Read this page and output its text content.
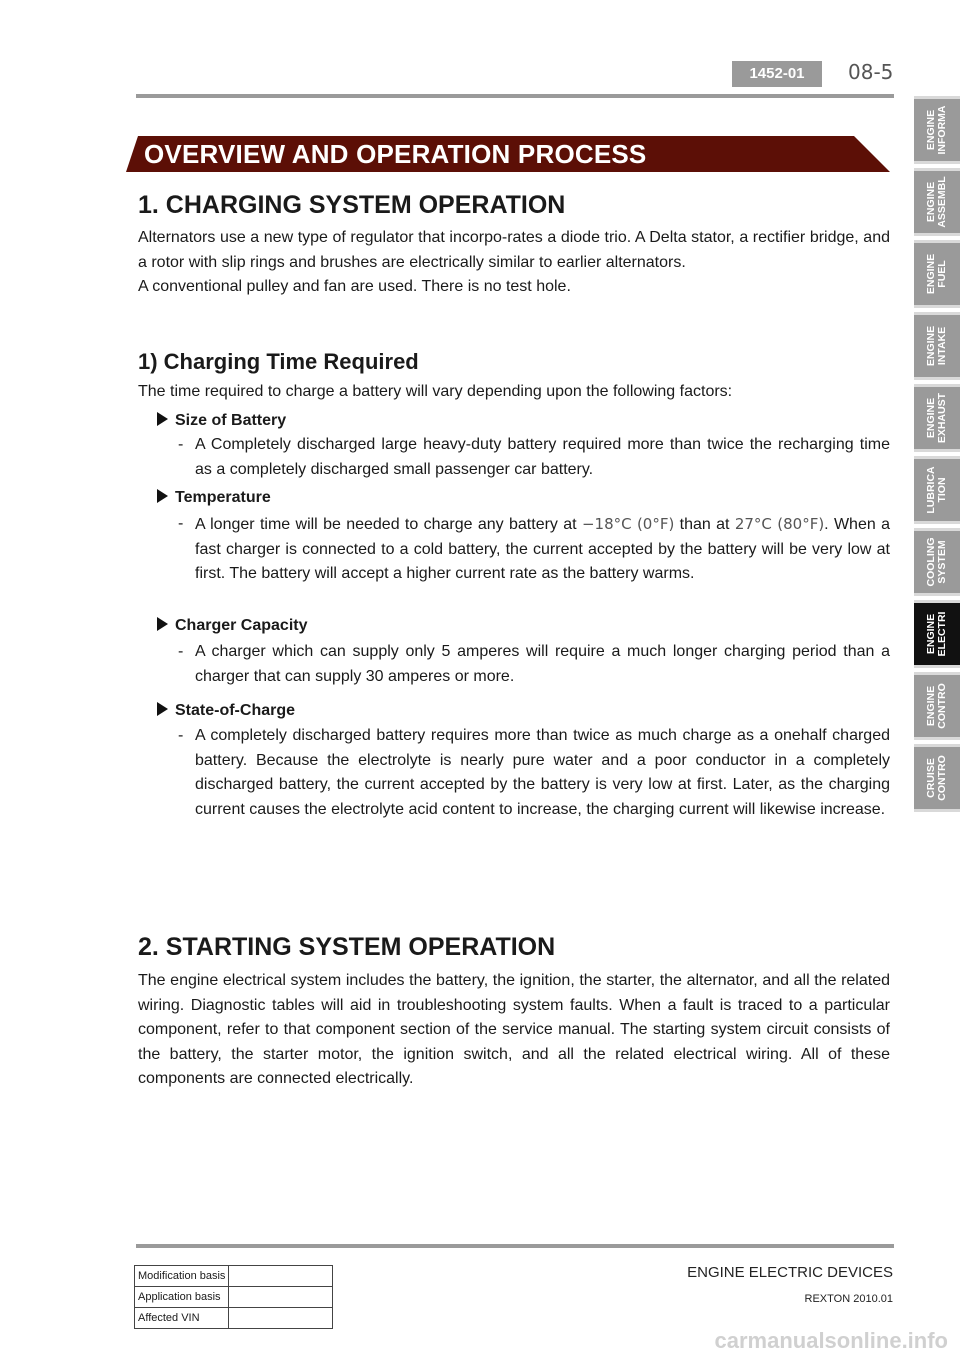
1452-01	08-5
OVERVIEW AND OPERATION PROCESS
1. CHARGING SYSTEM OPERATION
Alternators use a new type of regulator that incorpo-rates a diode trio. A Delta stator, a rectifier bridge, and a rotor with slip rings and brushes are electrically similar to earlier alternators.
A conventional pulley and fan are used. There is no test hole.
1) Charging Time Required
The time required to charge a battery will vary depending upon the following factors:
Size of Battery
- A Completely discharged large heavy-duty battery required more than twice the recharging time as a completely discharged small passenger car battery.
Temperature
- A longer time will be needed to charge any battery at −18°C (0°F) than at 27°C (80°F). When a fast charger is connected to a cold battery, the current accepted by the battery will be very low at first. The battery will accept a higher current rate as the battery warms.
Charger Capacity
- A charger which can supply only 5 amperes will require a much longer charging period than a charger that can supply 30 amperes or more.
State-of-Charge
- A completely discharged battery requires more than twice as much charge as a onehalf charged battery. Because the electrolyte is nearly pure water and a poor conductor in a completely discharged battery, the current accepted by the battery is very low at first. Later, as the charging current causes the electrolyte acid content to increase, the charging current will likewise increase.
2. STARTING SYSTEM OPERATION
The engine electrical system includes the battery, the ignition, the starter, the alternator, and all the related wiring. Diagnostic tables will aid in troubleshooting system faults. When a fault is traced to a particular component, refer to that component section of the service manual. The starting system circuit consists of the battery, the starter motor, the ignition switch, and all the related electrical wiring. All of these components are connected electrically.
ENGINE
INFORMA
ENGINE
ASSEMBL
ENGINE
FUEL
ENGINE
INTAKE
ENGINE
EXHAUST
LUBRICA
TION
COOLING
SYSTEM
ENGINE
ELECTRI
ENGINE
CONTRO
CRUISE
CONTRO
ENGINE ELECTRIC DEVICES
REXTON 2010.01
Modification basis	
Application basis	
Affected VIN	
carmanualsonline.info
